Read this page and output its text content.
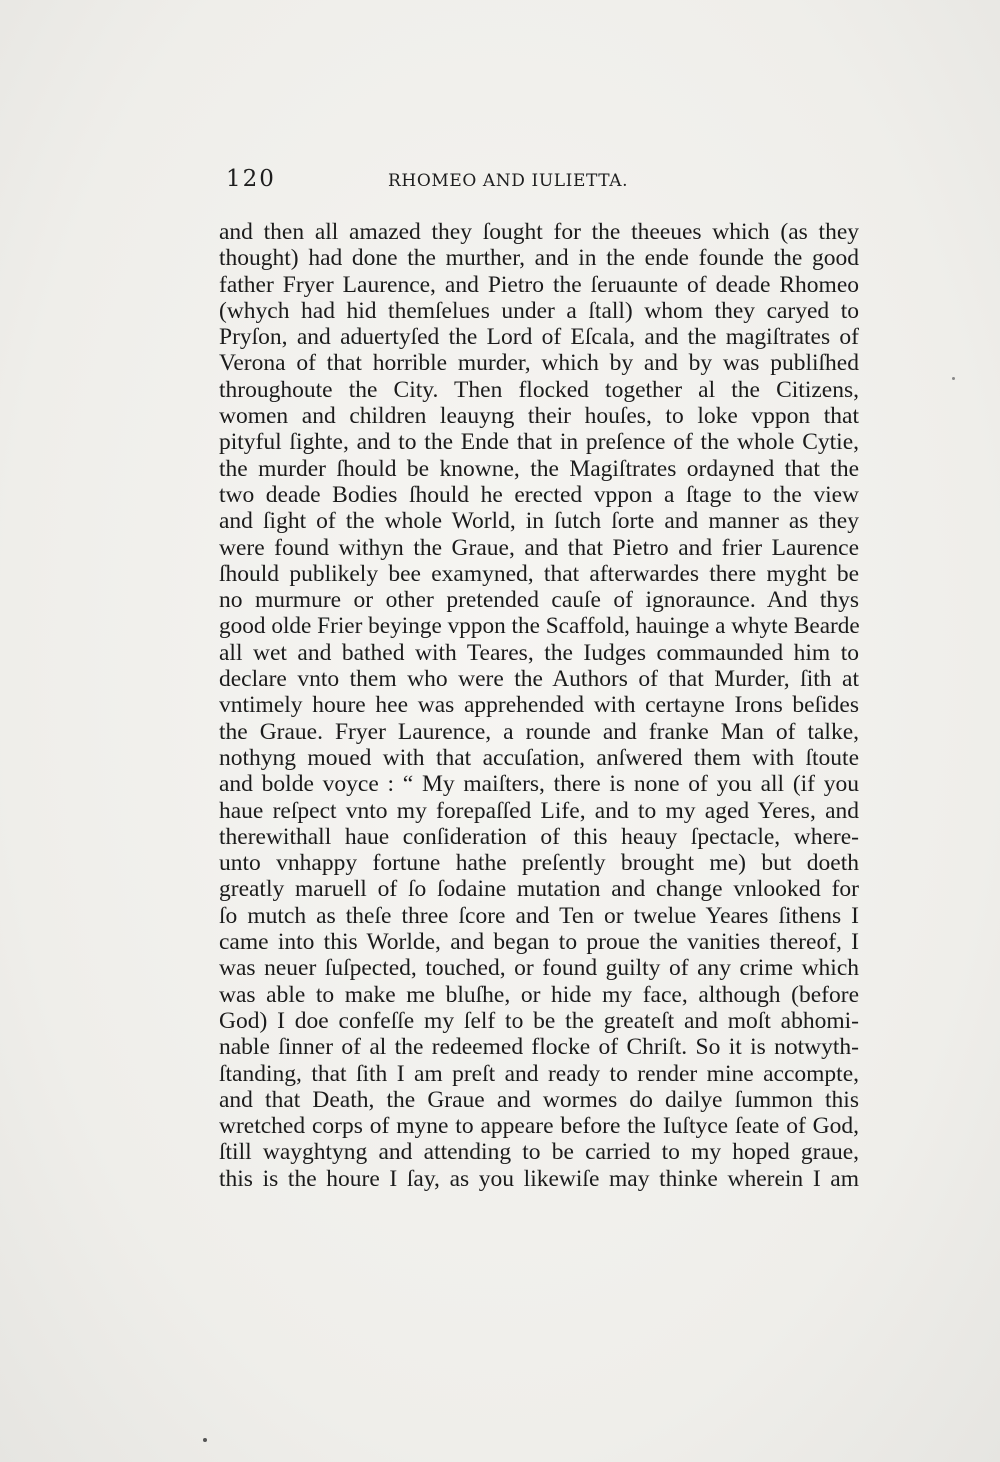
120	RHOMEO AND IULIETTA.
and then all amazed they ſought for the theeues which (as they
thought) had done the murther, and in the ende founde the good
father Fryer Laurence, and Pietro the ſeruaunte of deade Rhomeo
(whych had hid themſelues under a ſtall) whom they caryed to
Pryſon, and aduertyſed the Lord of Eſcala, and the magiſtrates of
Verona of that horrible murder, which by and by was publiſhed
throughoute the City. Then flocked together al the Citizens,
women and children leauyng their houſes, to loke vppon that
pityful ſighte, and to the Ende that in preſence of the whole Cytie,
the murder ſhould be knowne, the Magiſtrates ordayned that the
two deade Bodies ſhould he erected vppon a ſtage to the view
and ſight of the whole World, in ſutch ſorte and manner as they
were found withyn the Graue, and that Pietro and frier Laurence
ſhould publikely bee examyned, that afterwardes there myght be
no murmure or other pretended cauſe of ignoraunce. And thys
good olde Frier beyinge vppon the Scaffold, hauinge a whyte Bearde
all wet and bathed with Teares, the Iudges commaunded him to
declare vnto them who were the Authors of that Murder, ſith at
vntimely houre hee was apprehended with certayne Irons beſides
the Graue. Fryer Laurence, a rounde and franke Man of talke,
nothyng moued with that accuſation, anſwered them with ſtoute
and bolde voyce : “ My maiſters, there is none of you all (if you
haue reſpect vnto my forepaſſed Life, and to my aged Yeres, and
therewithall haue conſideration of this heauy ſpectacle, where-
unto vnhappy fortune hathe preſently brought me) but doeth
greatly maruell of ſo ſodaine mutation and change vnlooked for
ſo mutch as theſe three ſcore and Ten or twelue Yeares ſithens I
came into this Worlde, and began to proue the vanities thereof, I
was neuer ſuſpected, touched, or found guilty of any crime which
was able to make me bluſhe, or hide my face, although (before
God) I doe confeſſe my ſelf to be the greateſt and moſt abhomi-
nable ſinner of al the redeemed flocke of Chriſt. So it is notwyth-
ſtanding, that ſith I am preſt and ready to render mine accompte,
and that Death, the Graue and wormes do dailye ſummon this
wretched corps of myne to appeare before the Iuſtyce ſeate of God,
ſtill wayghtyng and attending to be carried to my hoped graue,
this is the houre I ſay, as you likewiſe may thinke wherein I am
